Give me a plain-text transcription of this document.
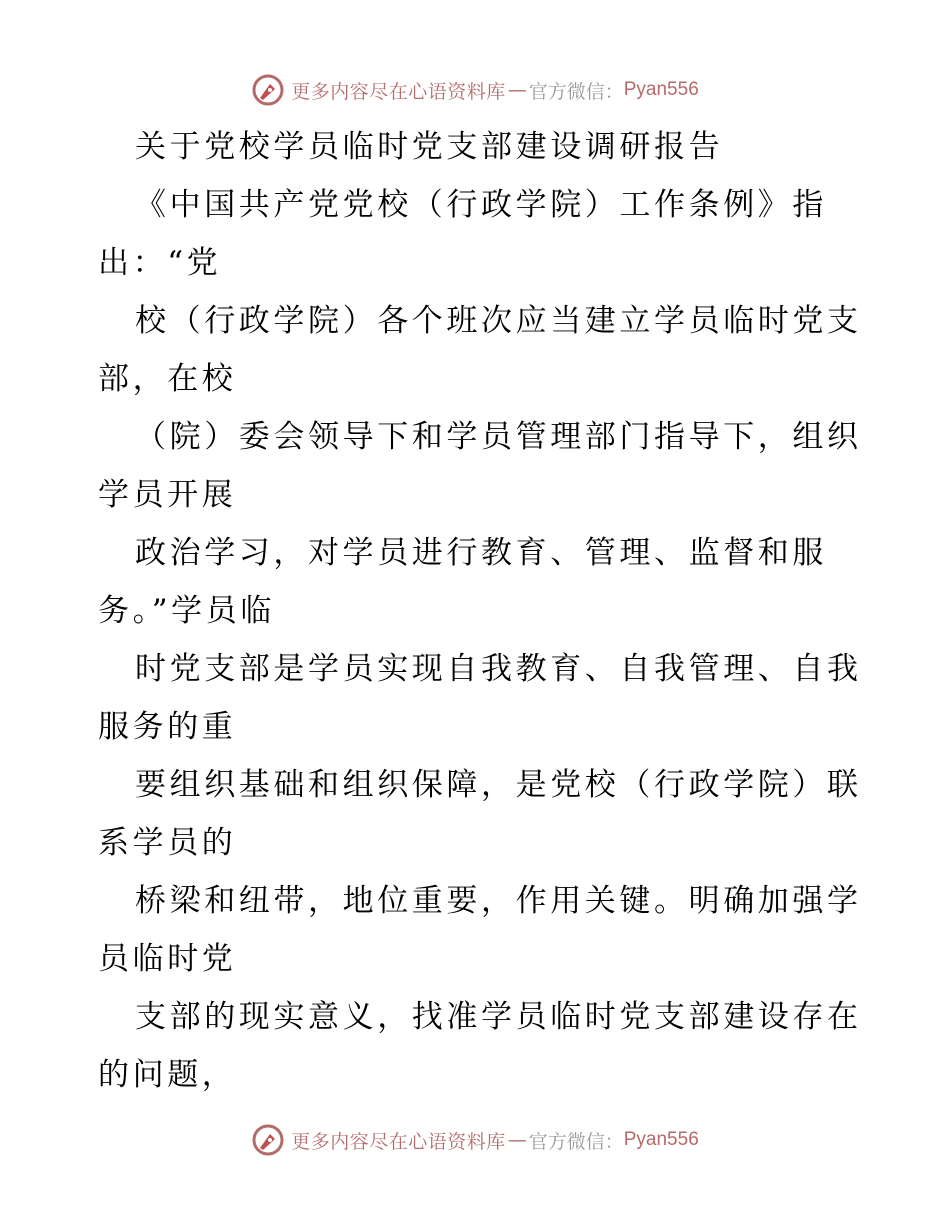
更多内容尽在心语资料库 — 官方微信： Pyan556
关于党校学员临时党支部建设调研报告
《中国共产党党校（行政学院）工作条例》指
出：“党
校（行政学院）各个班次应当建立学员临时党支
部，在校
（院）委会领导下和学员管理部门指导下，组织
学员开展
政治学习，对学员进行教育、管理、监督和服
务。”学员临
时党支部是学员实现自我教育、自我管理、自我
服务的重
要组织基础和组织保障，是党校（行政学院）联
系学员的
桥梁和纽带，地位重要，作用关键。明确加强学
员临时党
支部的现实意义，找准学员临时党支部建设存在
的问题，
更多内容尽在心语资料库 — 官方微信： Pyan556
